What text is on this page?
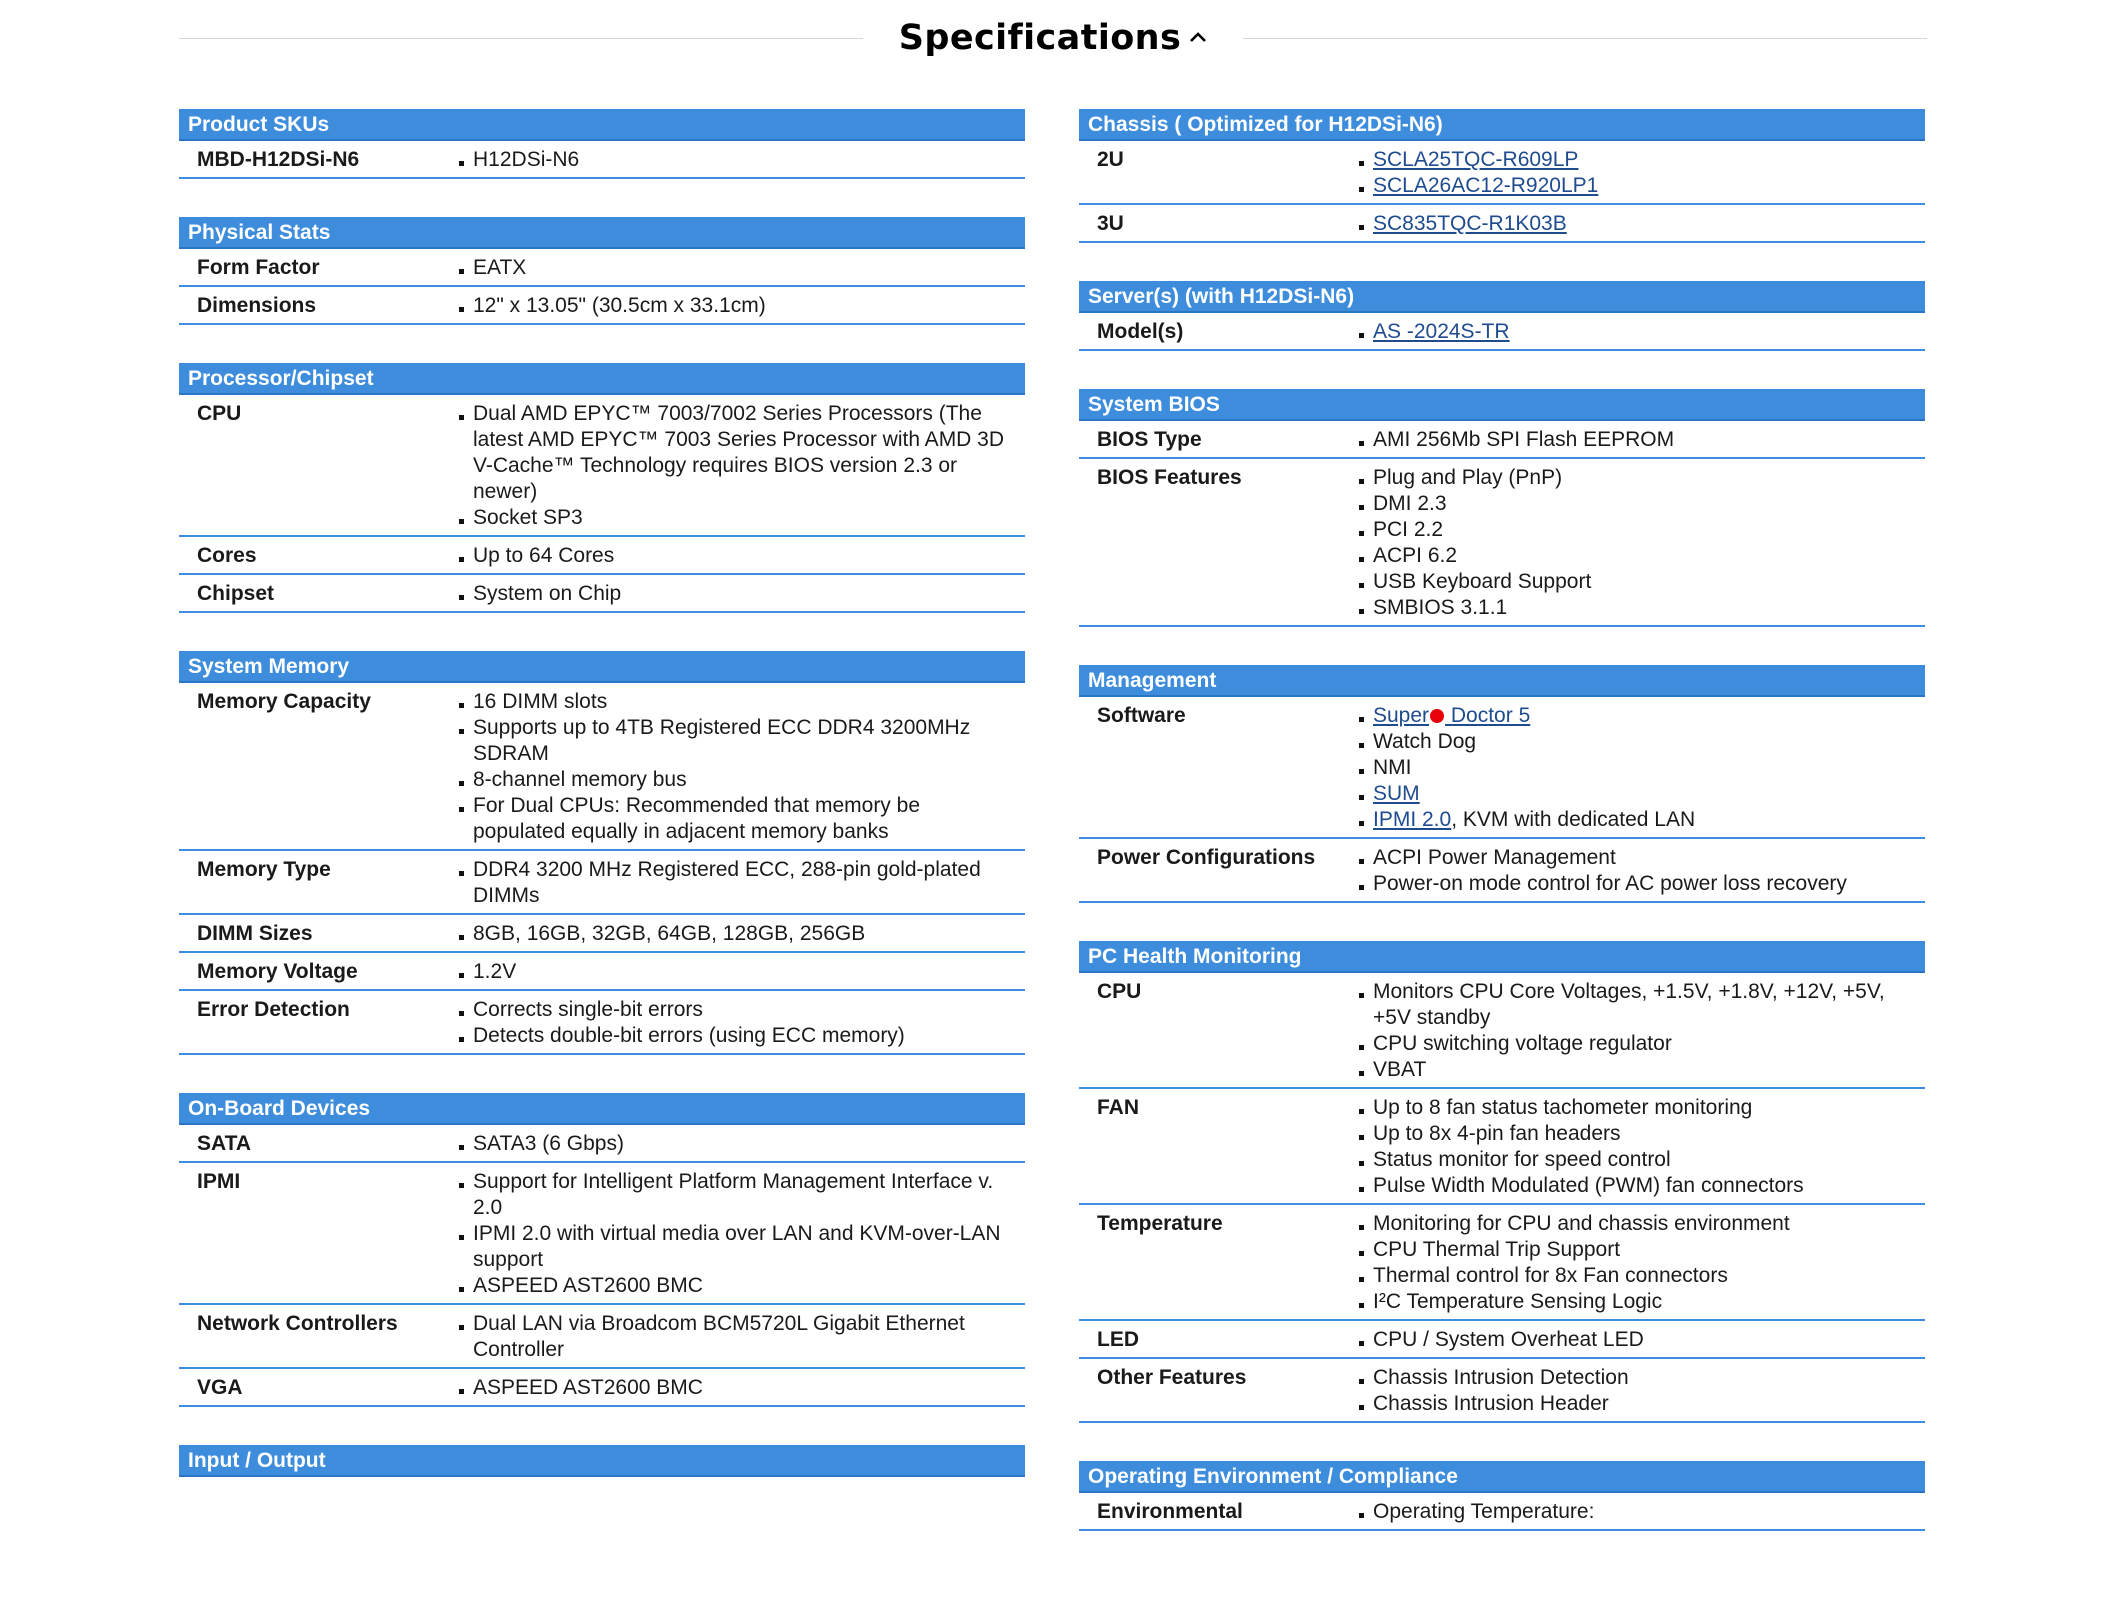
Specifications
Product SKUs
MBD-H12DSi-N6	H12DSi-N6
Physical Stats
Form Factor	EATX
Dimensions	12" x 13.05" (30.5cm x 33.1cm)
Processor/Chipset
CPU	Dual AMD EPYC™ 7003/7002 Series Processors (The latest AMD EPYC™ 7003 Series Processor with AMD 3D V-Cache™ Technology requires BIOS version 2.3 or newer)
Socket SP3
Cores	Up to 64 Cores
Chipset	System on Chip
System Memory
Memory Capacity	16 DIMM slots
Supports up to 4TB Registered ECC DDR4 3200MHz SDRAM
8-channel memory bus
For Dual CPUs: Recommended that memory be populated equally in adjacent memory banks
Memory Type	DDR4 3200 MHz Registered ECC, 288-pin gold-plated DIMMs
DIMM Sizes	8GB, 16GB, 32GB, 64GB, 128GB, 256GB
Memory Voltage	1.2V
Error Detection	Corrects single-bit errors
Detects double-bit errors (using ECC memory)
On-Board Devices
SATA	SATA3 (6 Gbps)
IPMI	Support for Intelligent Platform Management Interface v. 2.0
IPMI 2.0 with virtual media over LAN and KVM-over-LAN support
ASPEED AST2600 BMC
Network Controllers	Dual LAN via Broadcom BCM5720L Gigabit Ethernet Controller
VGA	ASPEED AST2600 BMC
Input / Output
Chassis ( Optimized for H12DSi-N6)
2U	SCLA25TQC-R609LP
SCLA26AC12-R920LP1
3U	SC835TQC-R1K03B
Server(s) (with H12DSi-N6)
Model(s)	AS -2024S-TR
System BIOS
BIOS Type	AMI 256Mb SPI Flash EEPROM
BIOS Features	Plug and Play (PnP)
DMI 2.3
PCI 2.2
ACPI 6.2
USB Keyboard Support
SMBIOS 3.1.1
Management
Software	Super Doctor 5
Watch Dog
NMI
SUM
IPMI 2.0, KVM with dedicated LAN
Power Configurations	ACPI Power Management
Power-on mode control for AC power loss recovery
PC Health Monitoring
CPU	Monitors CPU Core Voltages, +1.5V, +1.8V, +12V, +5V, +5V standby
CPU switching voltage regulator
VBAT
FAN	Up to 8 fan status tachometer monitoring
Up to 8x 4-pin fan headers
Status monitor for speed control
Pulse Width Modulated (PWM) fan connectors
Temperature	Monitoring for CPU and chassis environment
CPU Thermal Trip Support
Thermal control for 8x Fan connectors
I²C Temperature Sensing Logic
LED	CPU / System Overheat LED
Other Features	Chassis Intrusion Detection
Chassis Intrusion Header
Operating Environment / Compliance
Environmental	Operating Temperature:
